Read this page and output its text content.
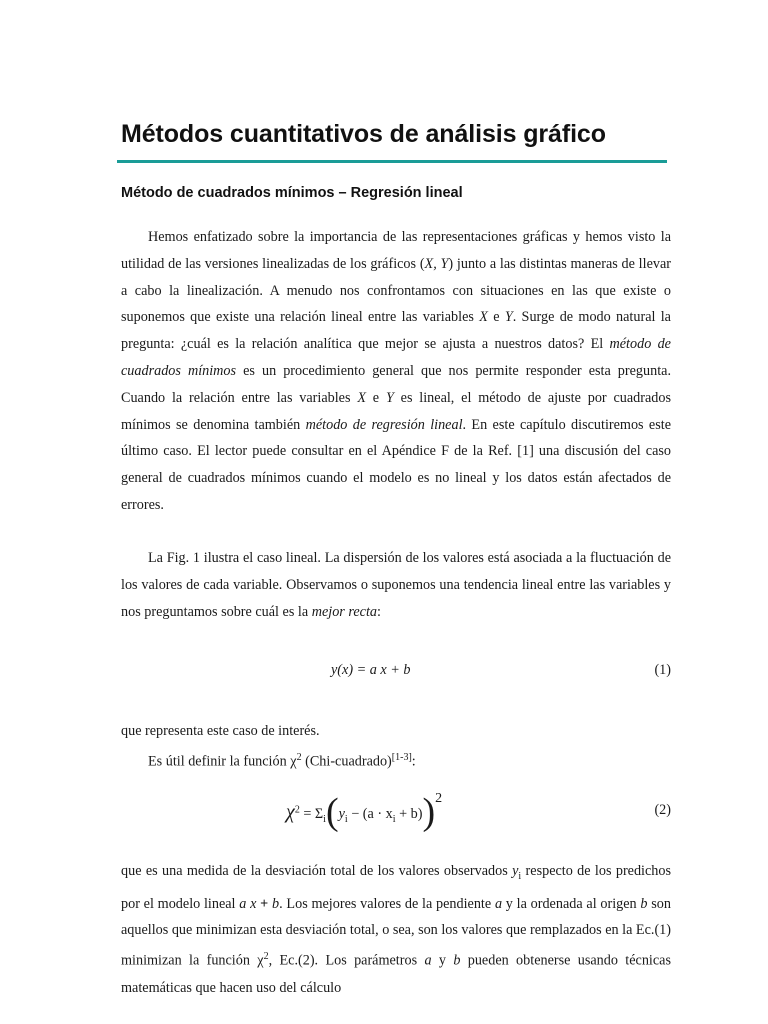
Métodos cuantitativos de análisis gráfico
Método de cuadrados mínimos – Regresión lineal

Hemos enfatizado sobre la importancia de las representaciones gráficas y hemos visto la utilidad de las versiones linealizadas de los gráficos (X, Y) junto a las distintas maneras de llevar a cabo la linealización. A menudo nos confrontamos con situaciones en las que existe o suponemos que existe una relación lineal entre las variables X e Y. Surge de modo natural la pregunta: ¿cuál es la relación analítica que mejor se ajusta a nuestros datos? El método de cuadrados mínimos es un procedimiento general que nos permite responder esta pregunta. Cuando la relación entre las variables X e Y es lineal, el método de ajuste por cuadrados mínimos se denomina también método de regresión lineal. En este capítulo discutiremos este último caso. El lector puede consultar en el Apéndice F de la Ref. [1] una discusión del caso general de cuadrados mínimos cuando el modelo es no lineal y los datos están afectados de errores.

La Fig. 1 ilustra el caso lineal. La dispersión de los valores está asociada a la fluctuación de los valores de cada variable. Observamos o suponemos una tendencia lineal entre las variables y nos preguntamos sobre cuál es la mejor recta:

y(x) = a x + b	(1)

que representa este caso de interés.

Es útil definir la función $\chi^2$ (Chi-cuadrado)[1-3]:

$\chi^2 = \Sigma_i(y_i - (a \cdot x_i + b))2$
(2)

que es una medida de la desviación total de los valores observados $y_i$ respecto de los predichos por el modelo lineal a x + b. Los mejores valores de la pendiente a y la ordenada al origen b son aquellos que minimizan esta desviación total, o sea, son los valores que remplazados en la Ec.(1) minimizan la función $\chi^2$, Ec.(2). Los parámetros a y b pueden obtenerse usando técnicas matemáticas que hacen uso del cálculo
